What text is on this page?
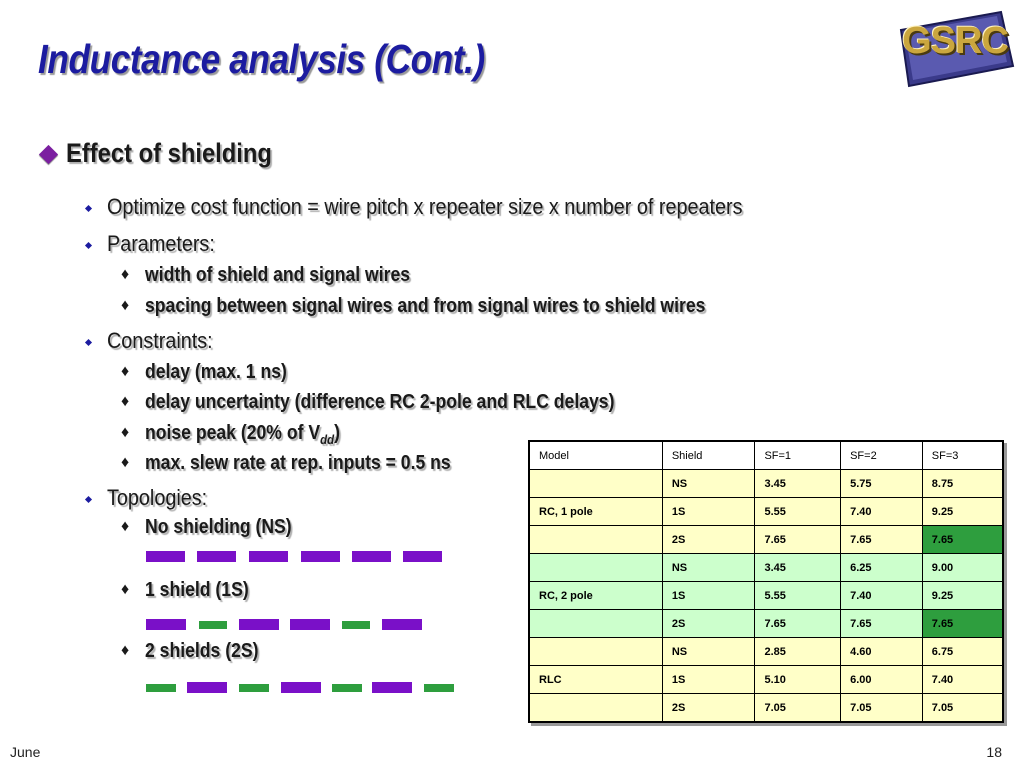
Inductance analysis (Cont.)	GSRC
Effect of shielding
Optimize cost function = wire pitch x repeater size x number of repeaters
Parameters:
♦ width of shield and signal wires
♦ spacing between signal wires and from signal wires to shield wires
Constraints:
♦ delay (max. 1 ns)
♦ delay uncertainty (difference RC 2-pole and RLC delays)
♦ noise peak (20% of $V_{dd}$)
♦ max. slew rate at rep. inputs = 0.5 ns
Topologies:
♦ No shielding (NS)
♦ 1 shield (1S)
♦ 2 shields (2S)
Model	Shield	SF=1	SF=2	SF=3
	NS	3.45	5.75	8.75
RC, 1 pole	1S	5.55	7.40	9.25
	2S	7.65	7.65	7.65
	NS	3.45	6.25	9.00
RC, 2 pole	1S	5.55	7.40	9.25
	2S	7.65	7.65	7.65
	NS	2.85	4.60	6.75
RLC	1S	5.10	6.00	7.40
	2S	7.05	7.05	7.05
June	18
